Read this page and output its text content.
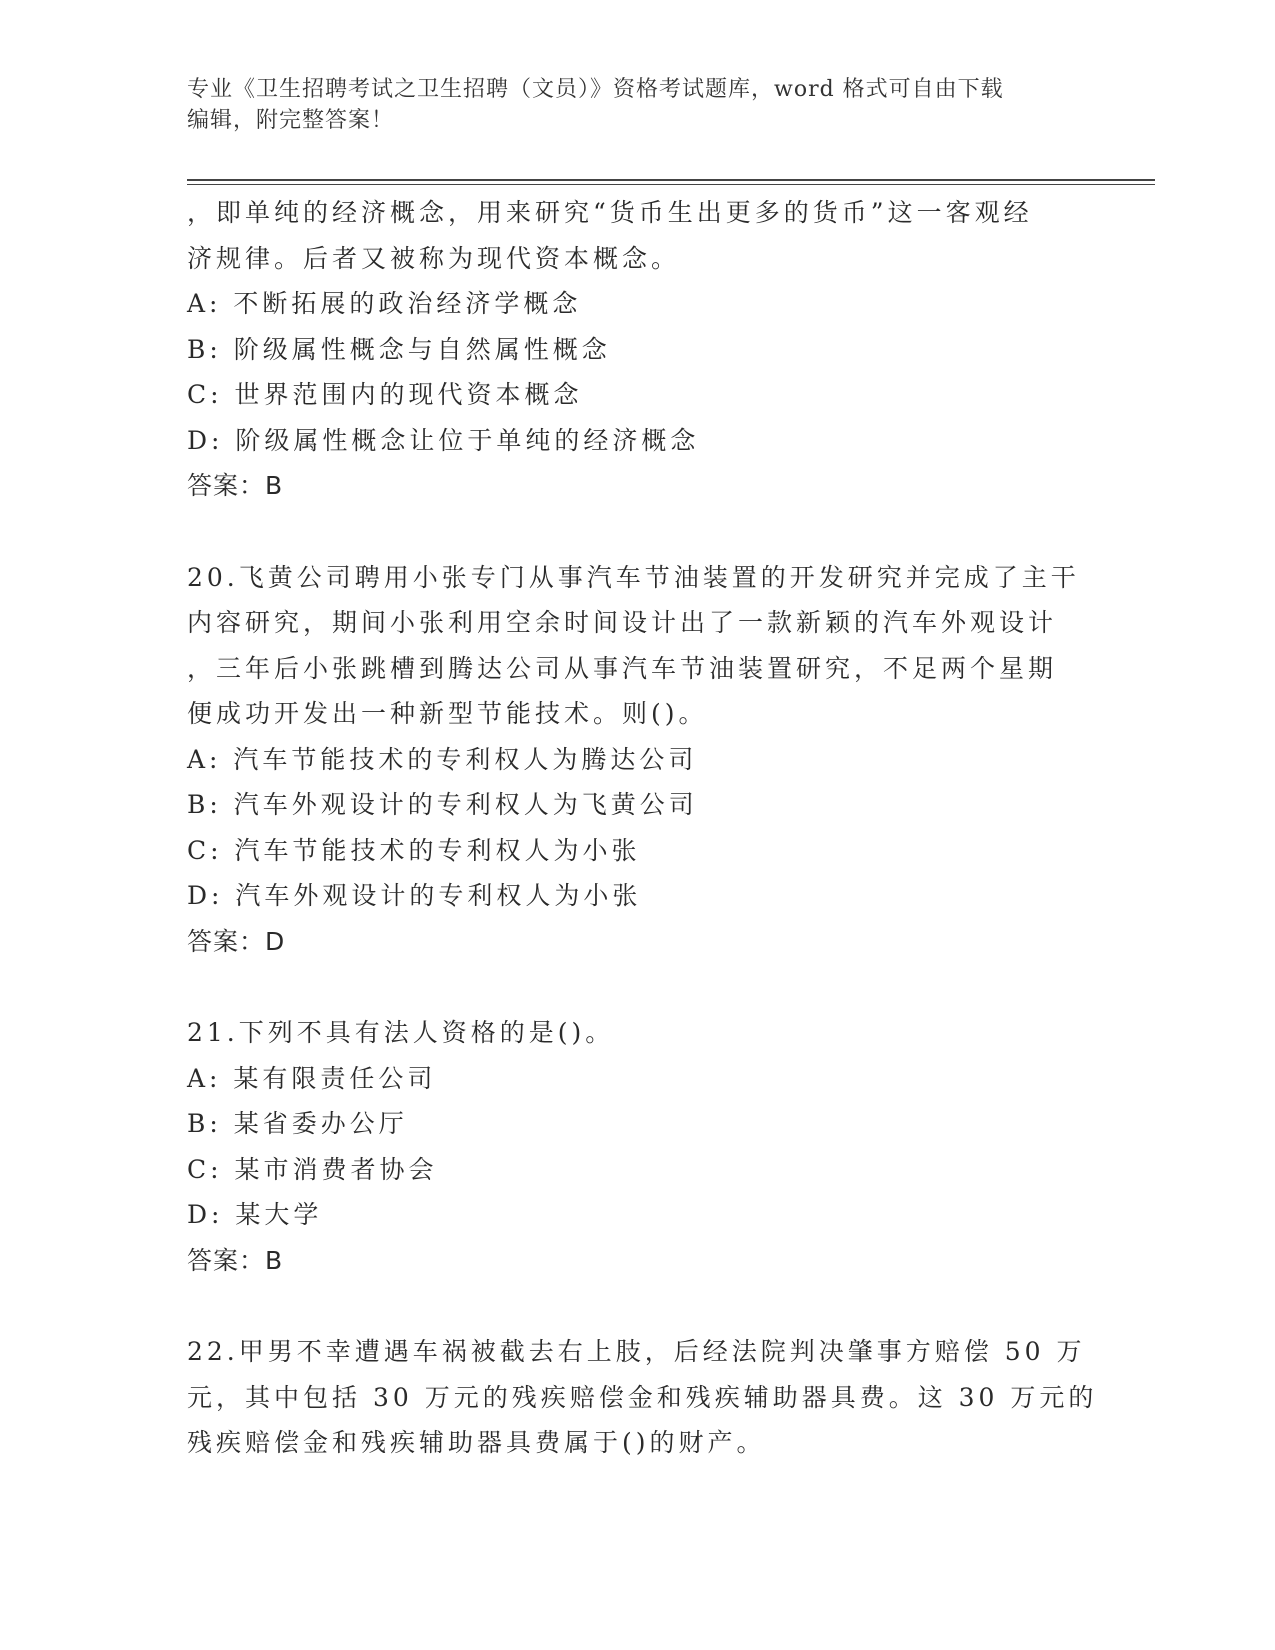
专业《卫生招聘考试之卫生招聘（文员）》资格考试题库，word 格式可自由下载
编辑，附完整答案！
，即单纯的经济概念，用来研究“货币生出更多的货币”这一客观经
济规律。后者又被称为现代资本概念。
A: 不断拓展的政治经济学概念
B: 阶级属性概念与自然属性概念
C: 世界范围内的现代资本概念
D: 阶级属性概念让位于单纯的经济概念
答案：B
20.飞黄公司聘用小张专门从事汽车节油装置的开发研究并完成了主干
内容研究，期间小张利用空余时间设计出了一款新颖的汽车外观设计
，三年后小张跳槽到腾达公司从事汽车节油装置研究，不足两个星期
便成功开发出一种新型节能技术。则()。
A: 汽车节能技术的专利权人为腾达公司
B: 汽车外观设计的专利权人为飞黄公司
C: 汽车节能技术的专利权人为小张
D: 汽车外观设计的专利权人为小张
答案：D
21.下列不具有法人资格的是()。
A: 某有限责任公司
B: 某省委办公厅
C: 某市消费者协会
D: 某大学
答案：B
22.甲男不幸遭遇车祸被截去右上肢，后经法院判决肇事方赔偿 50 万
元，其中包括 30 万元的残疾赔偿金和残疾辅助器具费。这 30 万元的
残疾赔偿金和残疾辅助器具费属于()的财产。
